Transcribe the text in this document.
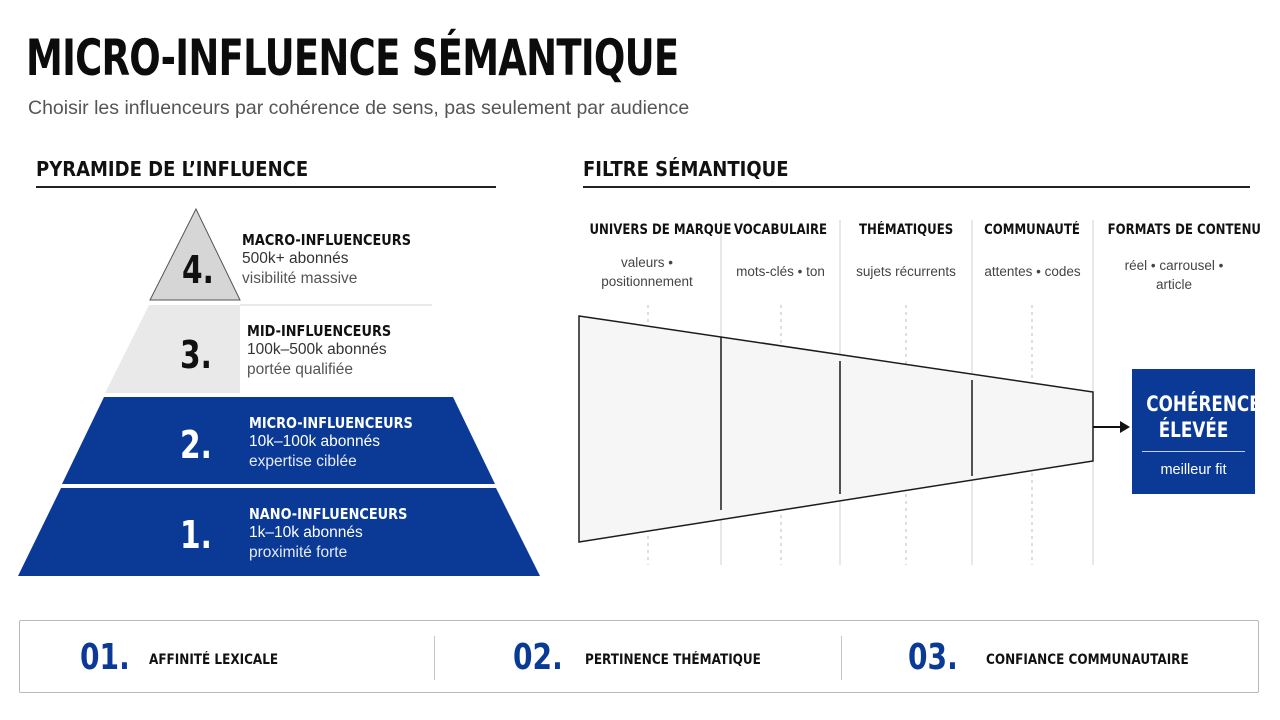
MICRO-INFLUENCE SÉMANTIQUE
Choisir les influenceurs par cohérence de sens, pas seulement par audience
PYRAMIDE DE L’INFLUENCE
4.
MACRO-INFLUENCEURS
500k+ abonnés
visibilité massive
3.
MID-INFLUENCEURS
100k–500k abonnés
portée qualifiée
2. MICRO-INFLUENCEURS
10k–100k abonnés
expertise ciblée
1. NANO-INFLUENCEURS
1k–10k abonnés
proximité forte
FILTRE SÉMANTIQUE
UNIVERS DE MARQUE
valeurs •
positionnement
VOCABULAIRE
mots-clés • ton
THÉMATIQUES
sujets récurrents
COMMUNAUTÉ
attentes • codes
FORMATS DE CONTENU
réel • carrousel •
article
COHÉRENCE
ÉLEVÉE
meilleur fit
01. AFFINITÉ LEXICALE	02. PERTINENCE THÉMATIQUE	03. CONFIANCE COMMUNAUTAIRE
